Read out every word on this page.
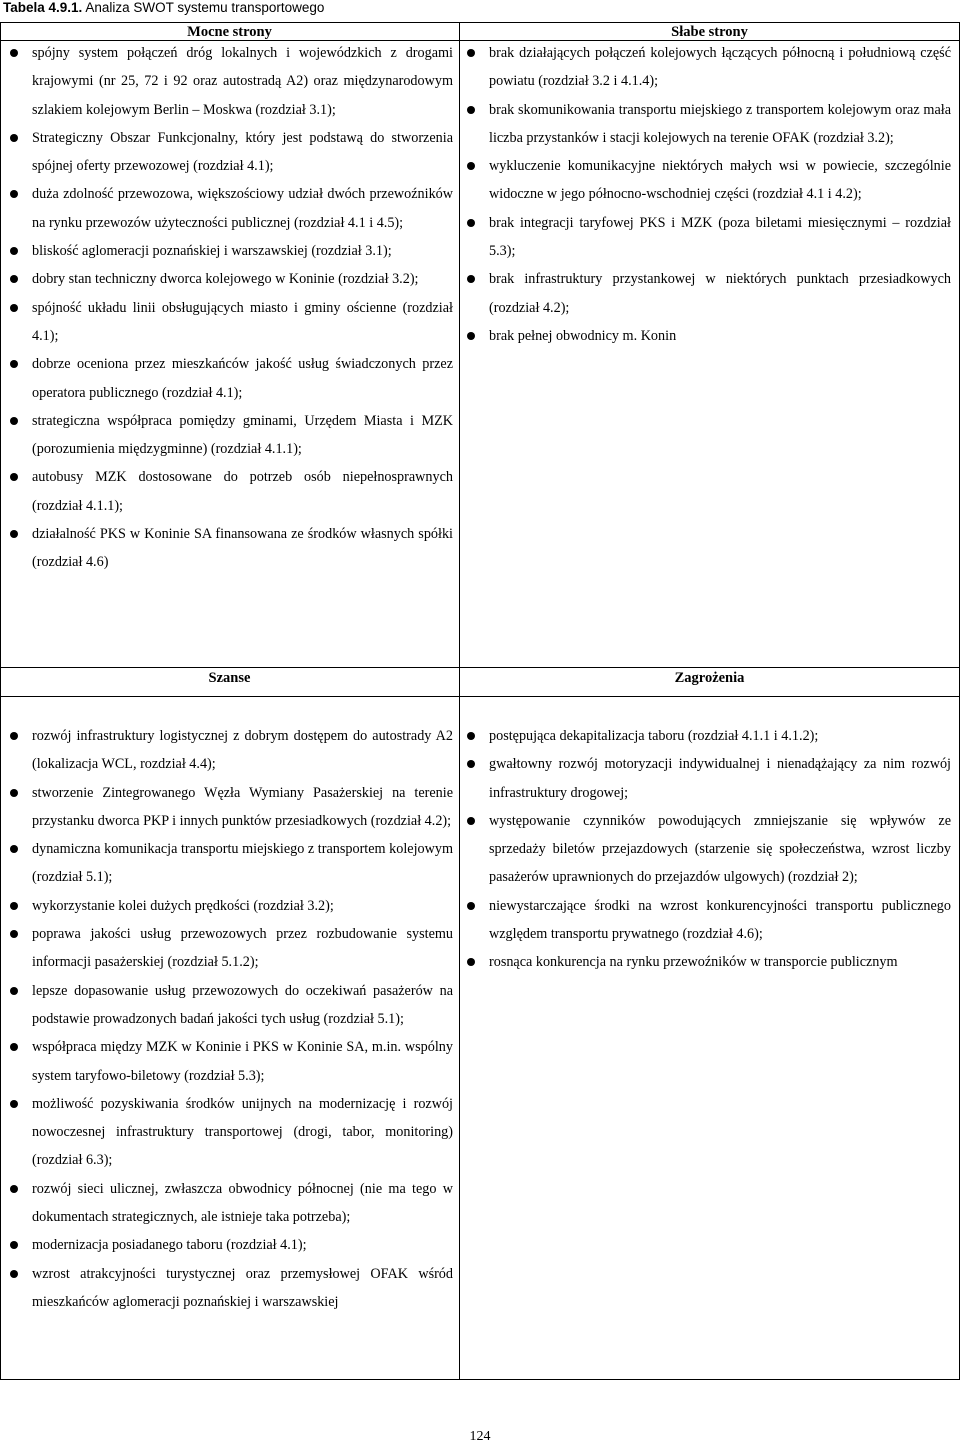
Tabela 4.9.1. Analiza SWOT systemu transportowego
Mocne strony	Słabe strony
spójny system połączeń dróg lokalnych i wojewódzkich z drogami krajowymi (nr 25, 72 i 92 oraz autostradą A2) oraz międzynarodowym szlakiem kolejowym Berlin – Moskwa (rozdział 3.1);
Strategiczny Obszar Funkcjonalny, który jest podstawą do stworzenia spójnej oferty przewozowej (rozdział 4.1);
duża zdolność przewozowa, większościowy udział dwóch przewoźników na rynku przewozów użyteczności publicznej (rozdział 4.1 i 4.5);
bliskość aglomeracji poznańskiej i warszawskiej (rozdział 3.1);
dobry stan techniczny dworca kolejowego w Koninie (rozdział 3.2);
spójność układu linii obsługujących miasto i gminy ościenne (rozdział 4.1);
dobrze oceniona przez mieszkańców jakość usług świadczonych przez operatora publicznego (rozdział 4.1);
strategiczna współpraca pomiędzy gminami, Urzędem Miasta i MZK (porozumienia międzygminne) (rozdział 4.1.1);
autobusy MZK dostosowane do potrzeb osób niepełnosprawnych (rozdział 4.1.1);
działalność PKS w Koninie SA finansowana ze środków własnych spółki (rozdział 4.6)
brak działających połączeń kolejowych łączących północną i południową część powiatu (rozdział 3.2 i 4.1.4);
brak skomunikowania transportu miejskiego z transportem kolejowym oraz mała liczba przystanków i stacji kolejowych na terenie OFAK (rozdział 3.2);
wykluczenie komunikacyjne niektórych małych wsi w powiecie, szczególnie widoczne w jego północno-wschodniej części (rozdział 4.1 i 4.2);
brak integracji taryfowej PKS i MZK (poza biletami miesięcznymi – rozdział 5.3);
brak infrastruktury przystankowej w niektórych punktach przesiadkowych (rozdział 4.2);
brak pełnej obwodnicy m. Konin
Szanse	Zagrożenia
rozwój infrastruktury logistycznej z dobrym dostępem do autostrady A2 (lokalizacja WCL, rozdział 4.4);
stworzenie Zintegrowanego Węzła Wymiany Pasażerskiej na terenie przystanku dworca PKP i innych punktów przesiadkowych (rozdział 4.2);
dynamiczna komunikacja transportu miejskiego z transportem kolejowym (rozdział 5.1);
wykorzystanie kolei dużych prędkości (rozdział 3.2);
poprawa jakości usług przewozowych przez rozbudowanie systemu informacji pasażerskiej (rozdział 5.1.2);
lepsze dopasowanie usług przewozowych do oczekiwań pasażerów na podstawie prowadzonych badań jakości tych usług (rozdział 5.1);
współpraca między MZK w Koninie i PKS w Koninie SA, m.in. wspólny system taryfowo-biletowy (rozdział 5.3);
możliwość pozyskiwania środków unijnych na modernizację i rozwój nowoczesnej infrastruktury transportowej (drogi, tabor, monitoring) (rozdział 6.3);
rozwój sieci ulicznej, zwłaszcza obwodnicy północnej (nie ma tego w dokumentach strategicznych, ale istnieje taka potrzeba);
modernizacja posiadanego taboru (rozdział 4.1);
wzrost atrakcyjności turystycznej oraz przemysłowej OFAK wśród mieszkańców aglomeracji poznańskiej i warszawskiej
postępująca dekapitalizacja taboru (rozdział 4.1.1 i 4.1.2);
gwałtowny rozwój motoryzacji indywidualnej i nienadążający za nim rozwój infrastruktury drogowej;
występowanie czynników powodujących zmniejszanie się wpływów ze sprzedaży biletów przejazdowych (starzenie się społeczeństwa, wzrost liczby pasażerów uprawnionych do przejazdów ulgowych) (rozdział 2);
niewystarczające środki na wzrost konkurencyjności transportu publicznego względem transportu prywatnego (rozdział 4.6);
rosnąca konkurencja na rynku przewoźników w transporcie publicznym
124
